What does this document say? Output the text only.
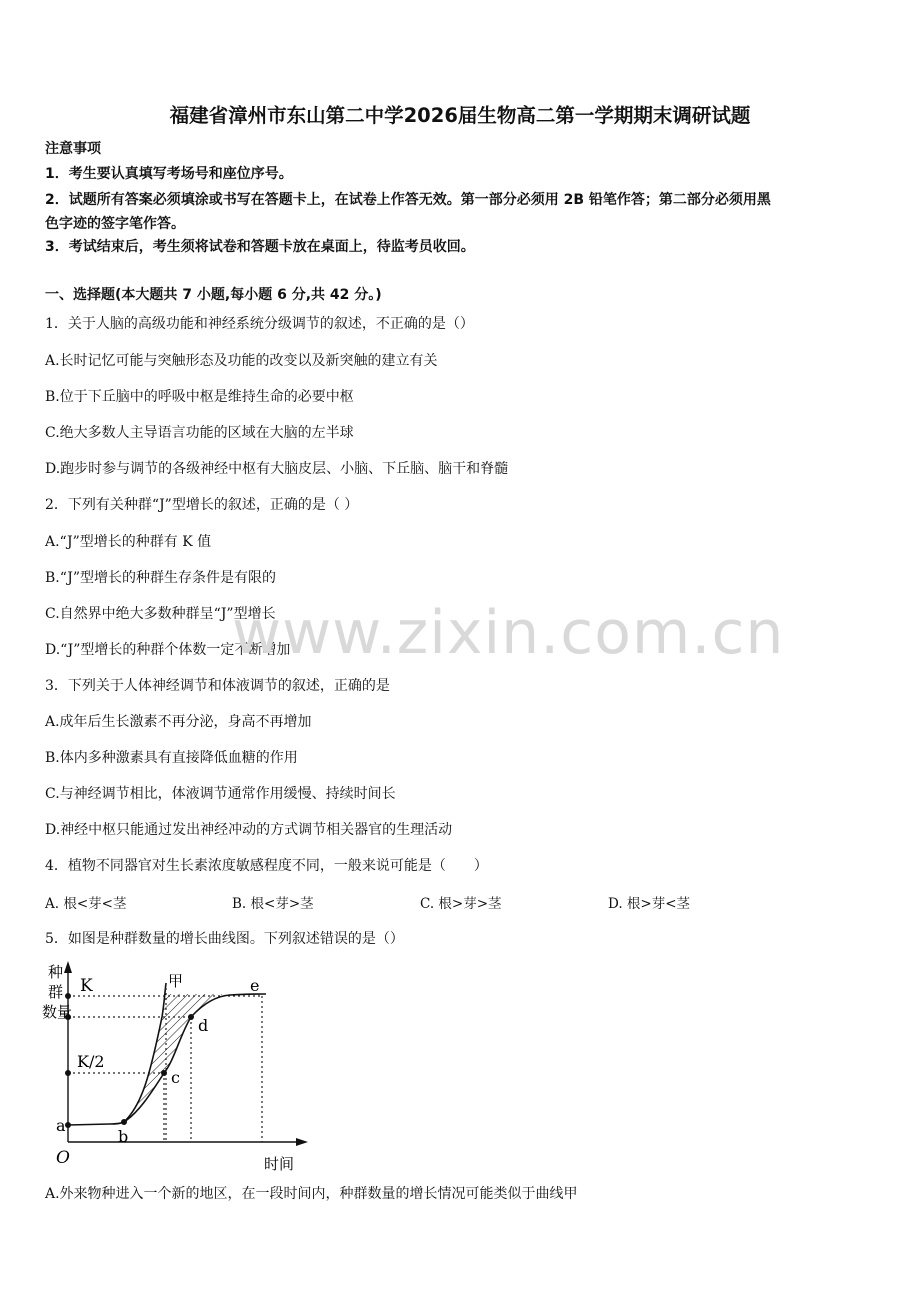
福建省漳州市东山第二中学2026届生物高二第一学期期末调研试题
注意事项
1．考生要认真填写考场号和座位序号。
2．试题所有答案必须填涂或书写在答题卡上，在试卷上作答无效。第一部分必须用 2B 铅笔作答；第二部分必须用黑
色字迹的签字笔作答。
3．考试结束后，考生须将试卷和答题卡放在桌面上，待监考员收回。
一、选择题(本大题共 7 小题,每小题 6 分,共 42 分。)
1．关于人脑的高级功能和神经系统分级调节的叙述，不正确的是（）
A.长时记忆可能与突触形态及功能的改变以及新突触的建立有关
B.位于下丘脑中的呼吸中枢是维持生命的必要中枢
C.绝大多数人主导语言功能的区域在大脑的左半球
D.跑步时参与调节的各级神经中枢有大脑皮层、小脑、下丘脑、脑干和脊髓
2．下列有关种群“J”型增长的叙述，正确的是（ ）
A.“J”型增长的种群有 K 值
B.“J”型增长的种群生存条件是有限的
C.自然界中绝大多数种群呈“J”型增长
D.“J”型增长的种群个体数一定不断增加
3．下列关于人体神经调节和体液调节的叙述，正确的是
A.成年后生长激素不再分泌，身高不再增加
B.体内多种激素具有直接降低血糖的作用
C.与神经调节相比，体液调节通常作用缓慢、持续时间长
D.神经中枢只能通过发出神经冲动的方式调节相关器官的生理活动
4．植物不同器官对生长素浓度敏感程度不同，一般来说可能是（　　）
A. 根<芽<茎	B. 根<芽>茎	C. 根>芽>茎	D. 根>芽<茎
5．如图是种群数量的增长曲线图。下列叙述错误的是（）
种
群
数量
K
K/2
甲
a
b
c
d
e
O	时间
A.外来物种进入一个新的地区，在一段时间内，种群数量的增长情况可能类似于曲线甲
www.zixin.com.cn
